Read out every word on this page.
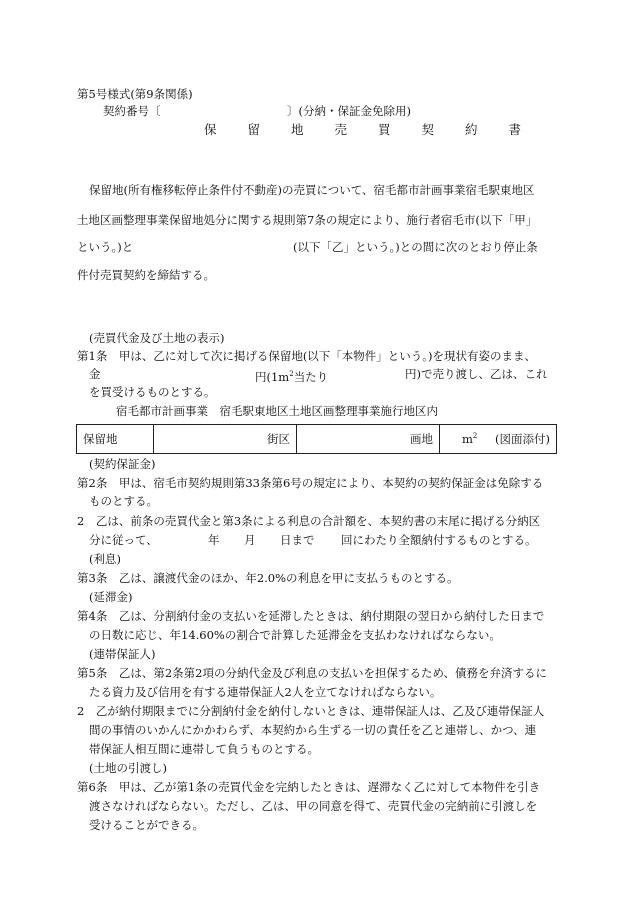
第5号様式(第9条関係)
契約番号〔	〕(分納・保証金免除用)
保 留 地 売 買 契 約 書
保留地(所有権移転停止条件付不動産)の売買について、宿毛都市計画事業宿毛駅東地区
土地区画整理事業保留地処分に関する規則第7条の規定により、施行者宿毛市(以下「甲」
という。)と	(以下「乙」という。)との間に次のとおり停止条
件付売買契約を締結する。
(売買代金及び土地の表示)
第1条　甲は、乙に対して次に掲げる保留地(以下「本物件」という。)を現状有姿のまま、
金	円($1m^2$当たり	円)で売り渡し、乙は、これ
を買受けるものとする。
宿毛都市計画事業　宿毛駅東地区土地区画整理事業施行地区内
保留地	街区	画地	$m^2$ (図面添付)
(契約保証金)
第2条　甲は、宿毛市契約規則第33条第6号の規定により、本契約の契約保証金は免除する
ものとする。
2　乙は、前条の売買代金と第3条による利息の合計額を、本契約書の末尾に掲げる分納区
分に従って、	年 月 日まで 回にわたり全額納付するものとする。
(利息)
第3条　乙は、譲渡代金のほか、年2.0%の利息を甲に支払うものとする。
(延滞金)
第4条　乙は、分割納付金の支払いを延滞したときは、納付期限の翌日から納付した日まで
の日数に応じ、年14.60%の割合で計算した延滞金を支払わなければならない。
(連帯保証人)
第5条　乙は、第2条第2項の分納代金及び利息の支払いを担保するため、債務を弁済するに
たる資力及び信用を有する連帯保証人2人を立てなければならない。
2　乙が納付期限までに分割納付金を納付しないときは、連帯保証人は、乙及び連帯保証人
間の事情のいかんにかかわらず、本契約から生ずる一切の責任を乙と連帯し、かつ、連
帯保証人相互間に連帯して負うものとする。
(土地の引渡し)
第6条　甲は、乙が第1条の売買代金を完納したときは、遅滞なく乙に対して本物件を引き
渡さなければならない。ただし、乙は、甲の同意を得て、売買代金の完納前に引渡しを
受けることができる。
